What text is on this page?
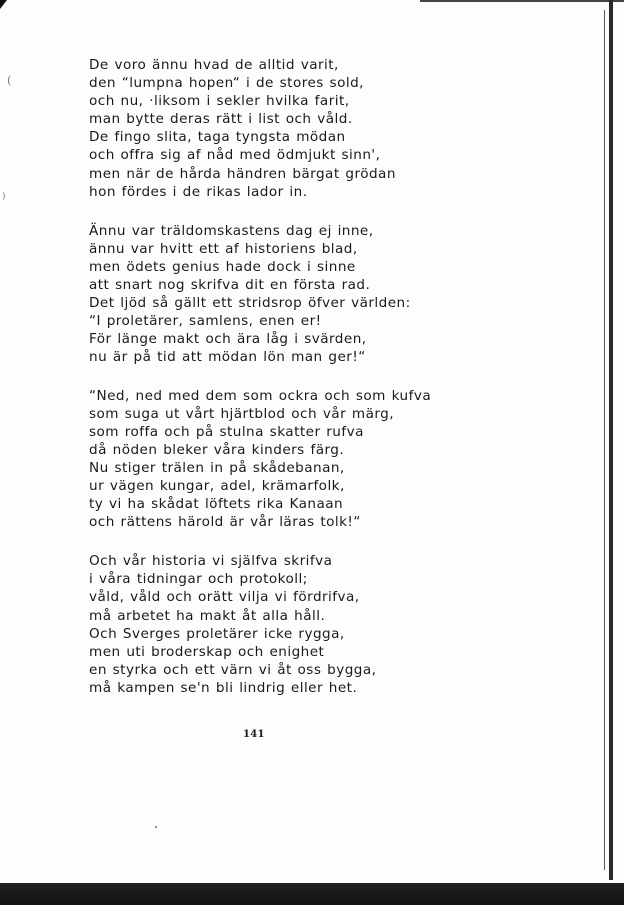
(
)
De voro ännu hvad de alltid varit,
den “lumpna hopen“ i de stores sold,
och nu, ·liksom i sekler hvilka farit,
man bytte deras rätt i list och våld.
De fingo slita, taga tyngsta mödan
och offra sig af nåd med ödmjukt sinn',
men när de hårda händren bärgat grödan
hon fördes i de rikas lador in.
Ännu var träldomskastens dag ej inne,
ännu var hvitt ett af historiens blad,
men ödets genius hade dock i sinne
att snart nog skrifva dit en första rad.
Det ljöd så gällt ett stridsrop öfver världen:
“I proletärer, samlens, enen er!
För länge makt och ära låg i svärden,
nu är på tid att mödan lön man ger!“
“Ned, ned med dem som ockra och som kufva
som suga ut vårt hjärtblod och vår märg,
som roffa och på stulna skatter rufva
då nöden bleker våra kinders färg.
Nu stiger trälen in på skådebanan,
ur vägen kungar, adel, krämarfolk,
ty vi ha skådat löftets rika Kanaan
och rättens härold är vår läras tolk!“
Och vår historia vi själfva skrifva
i våra tidningar och protokoll;
våld, våld och orätt vilja vi fördrifva,
må arbetet ha makt åt alla håll.
Och Sverges proletärer icke rygga,
men uti broderskap och enighet
en styrka och ett värn vi åt oss bygga,
må kampen se'n bli lindrig eller het.
141
